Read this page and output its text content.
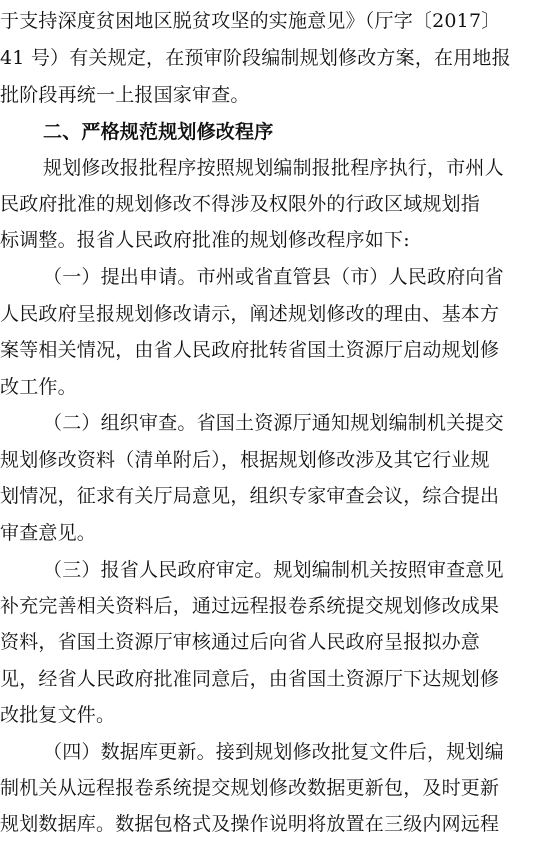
于支持深度贫困地区脱贫攻坚的实施意见》（厅字〔2017〕
41 号）有关规定，在预审阶段编制规划修改方案，在用地报
批阶段再统一上报国家审查。
二、严格规范规划修改程序
规划修改报批程序按照规划编制报批程序执行，市州人
民政府批准的规划修改不得涉及权限外的行政区域规划指
标调整。报省人民政府批准的规划修改程序如下:
（一）提出申请。市州或省直管县（市）人民政府向省
人民政府呈报规划修改请示，阐述规划修改的理由、基本方
案等相关情况，由省人民政府批转省国土资源厅启动规划修
改工作。
（二）组织审查。省国土资源厅通知规划编制机关提交
规划修改资料（清单附后），根据规划修改涉及其它行业规
划情况，征求有关厅局意见，组织专家审查会议，综合提出
审查意见。
（三）报省人民政府审定。规划编制机关按照审查意见
补充完善相关资料后，通过远程报卷系统提交规划修改成果
资料，省国土资源厅审核通过后向省人民政府呈报拟办意
见，经省人民政府批准同意后，由省国土资源厅下达规划修
改批复文件。
（四）数据库更新。接到规划修改批复文件后，规划编
制机关从远程报卷系统提交规划修改数据更新包，及时更新
规划数据库。数据包格式及操作说明将放置在三级内网远程
